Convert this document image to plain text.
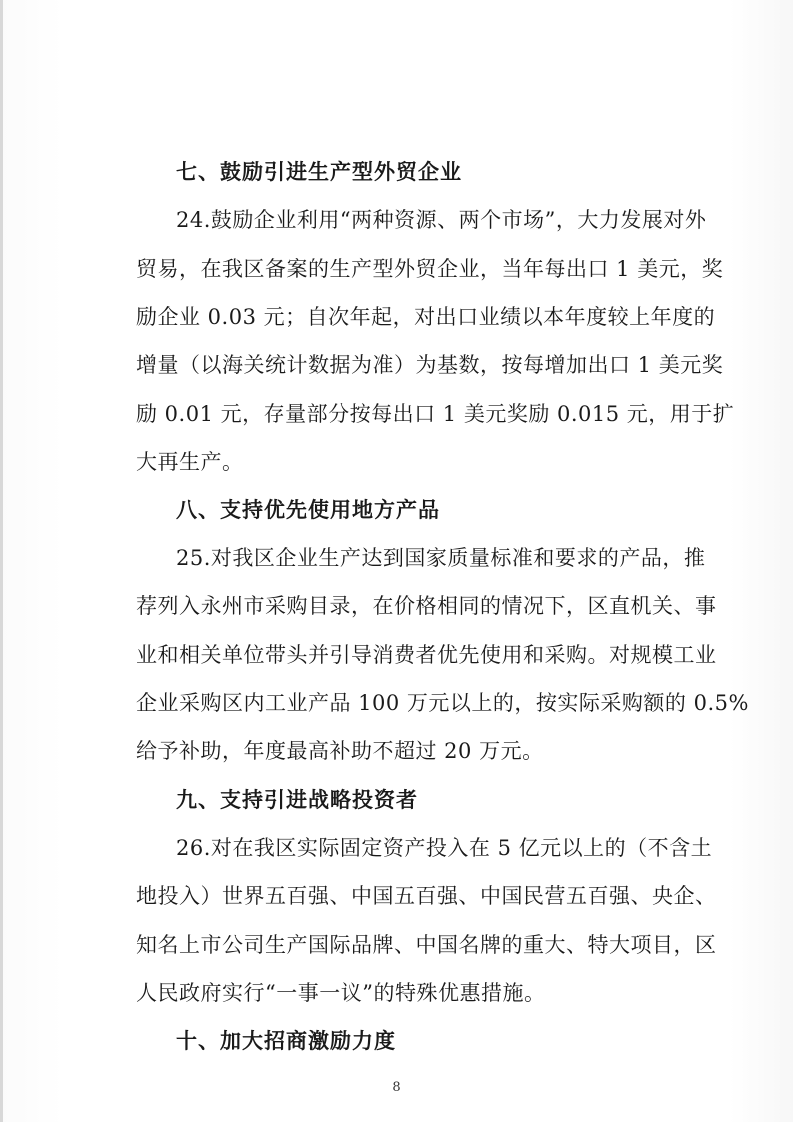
七、鼓励引进生产型外贸企业
24.鼓励企业利用“两种资源、两个市场”，大力发展对外
贸易，在我区备案的生产型外贸企业，当年每出口 1 美元，奖
励企业 0.03 元；自次年起，对出口业绩以本年度较上年度的
增量（以海关统计数据为准）为基数，按每增加出口 1 美元奖
励 0.01 元，存量部分按每出口 1 美元奖励 0.015 元，用于扩
大再生产。
八、支持优先使用地方产品
25.对我区企业生产达到国家质量标准和要求的产品，推
荐列入永州市采购目录，在价格相同的情况下，区直机关、事
业和相关单位带头并引导消费者优先使用和采购。对规模工业
企业采购区内工业产品 100 万元以上的，按实际采购额的 0.5%
给予补助，年度最高补助不超过 20 万元。
九、支持引进战略投资者
26.对在我区实际固定资产投入在 5 亿元以上的（不含土
地投入）世界五百强、中国五百强、中国民营五百强、央企、
知名上市公司生产国际品牌、中国名牌的重大、特大项目，区
人民政府实行“一事一议”的特殊优惠措施。
十、加大招商激励力度
8
